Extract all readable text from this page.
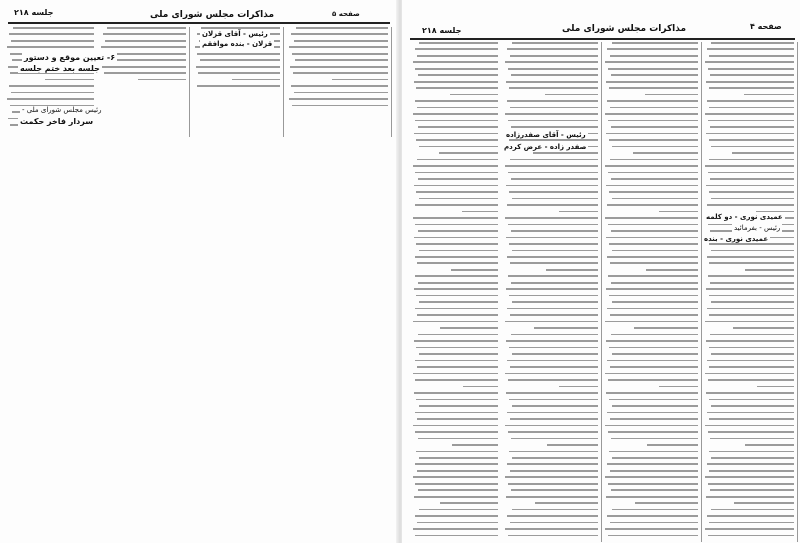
جلسه ۲۱۸	مذاکرات مجلس شورای ملی	صفحه ۵
رئیس - آقای قزلان
قزلان - بنده موافقم
۶- تعیین موقع و دستور
جلسه بعد ختم جلسه
رئیس مجلس شورای ملی -
سردار فاخر حکمت
جلسه ۲۱۸	مذاکرات مجلس شورای ملی	صفحه ۴
رئیس - آقای صفدرزاده
صفدر زاده - عرض کردم
عمیدی نوری - دو کلمه
رئیس - بفرمائید
عمیدی نوری - بنده
